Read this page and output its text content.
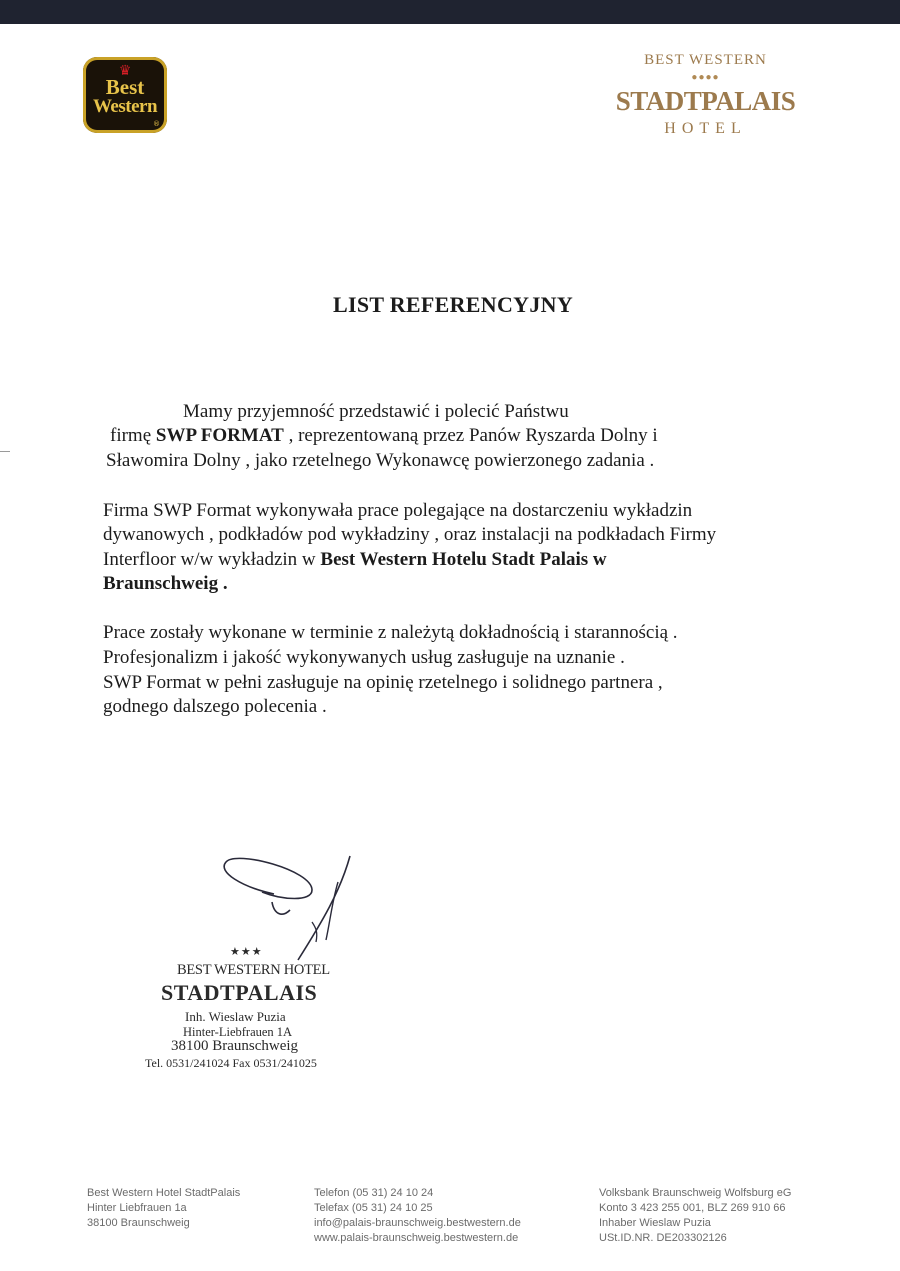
♛
Best
Western
®
BEST WESTERN
●●●●

STADTPALAIS
HOTEL
LIST REFERENCYJNY
Mamy przyjemność przedstawić i polecić Państwu
firmę SWP FORMAT , reprezentowaną przez Panów Ryszarda Dolny i
Sławomira Dolny , jako rzetelnego Wykonawcę powierzonego zadania .
Firma SWP Format wykonywała prace polegające na dostarczeniu wykładzin
dywanowych , podkładów pod wykładziny , oraz instalacji na podkładach Firmy
Interfloor w/w wykładzin w Best Western Hotelu Stadt Palais w
Braunschweig .
Prace zostały wykonane w terminie z należytą dokładnością i starannością .
Profesjonalizm i jakość wykonywanych usług zasługuje na uznanie .
SWP Format w pełni zasługuje na opinię rzetelnego i solidnego partnera ,
godnego dalszego polecenia .
★★★
BEST WESTERN HOTEL
STADTPALAIS
Inh. Wieslaw Puzia
Hinter-Liebfrauen 1A
38100 Braunschweig
Tel. 0531/241024 Fax 0531/241025
Best Western Hotel StadtPalais
Hinter Liebfrauen 1a
38100 Braunschweig
Telefon (05 31) 24 10 24
Telefax (05 31) 24 10 25
info@palais-braunschweig.bestwestern.de
www.palais-braunschweig.bestwestern.de
Volksbank Braunschweig Wolfsburg eG
Konto 3 423 255 001, BLZ 269 910 66
Inhaber Wieslaw Puzia
USt.ID.NR. DE203302126
